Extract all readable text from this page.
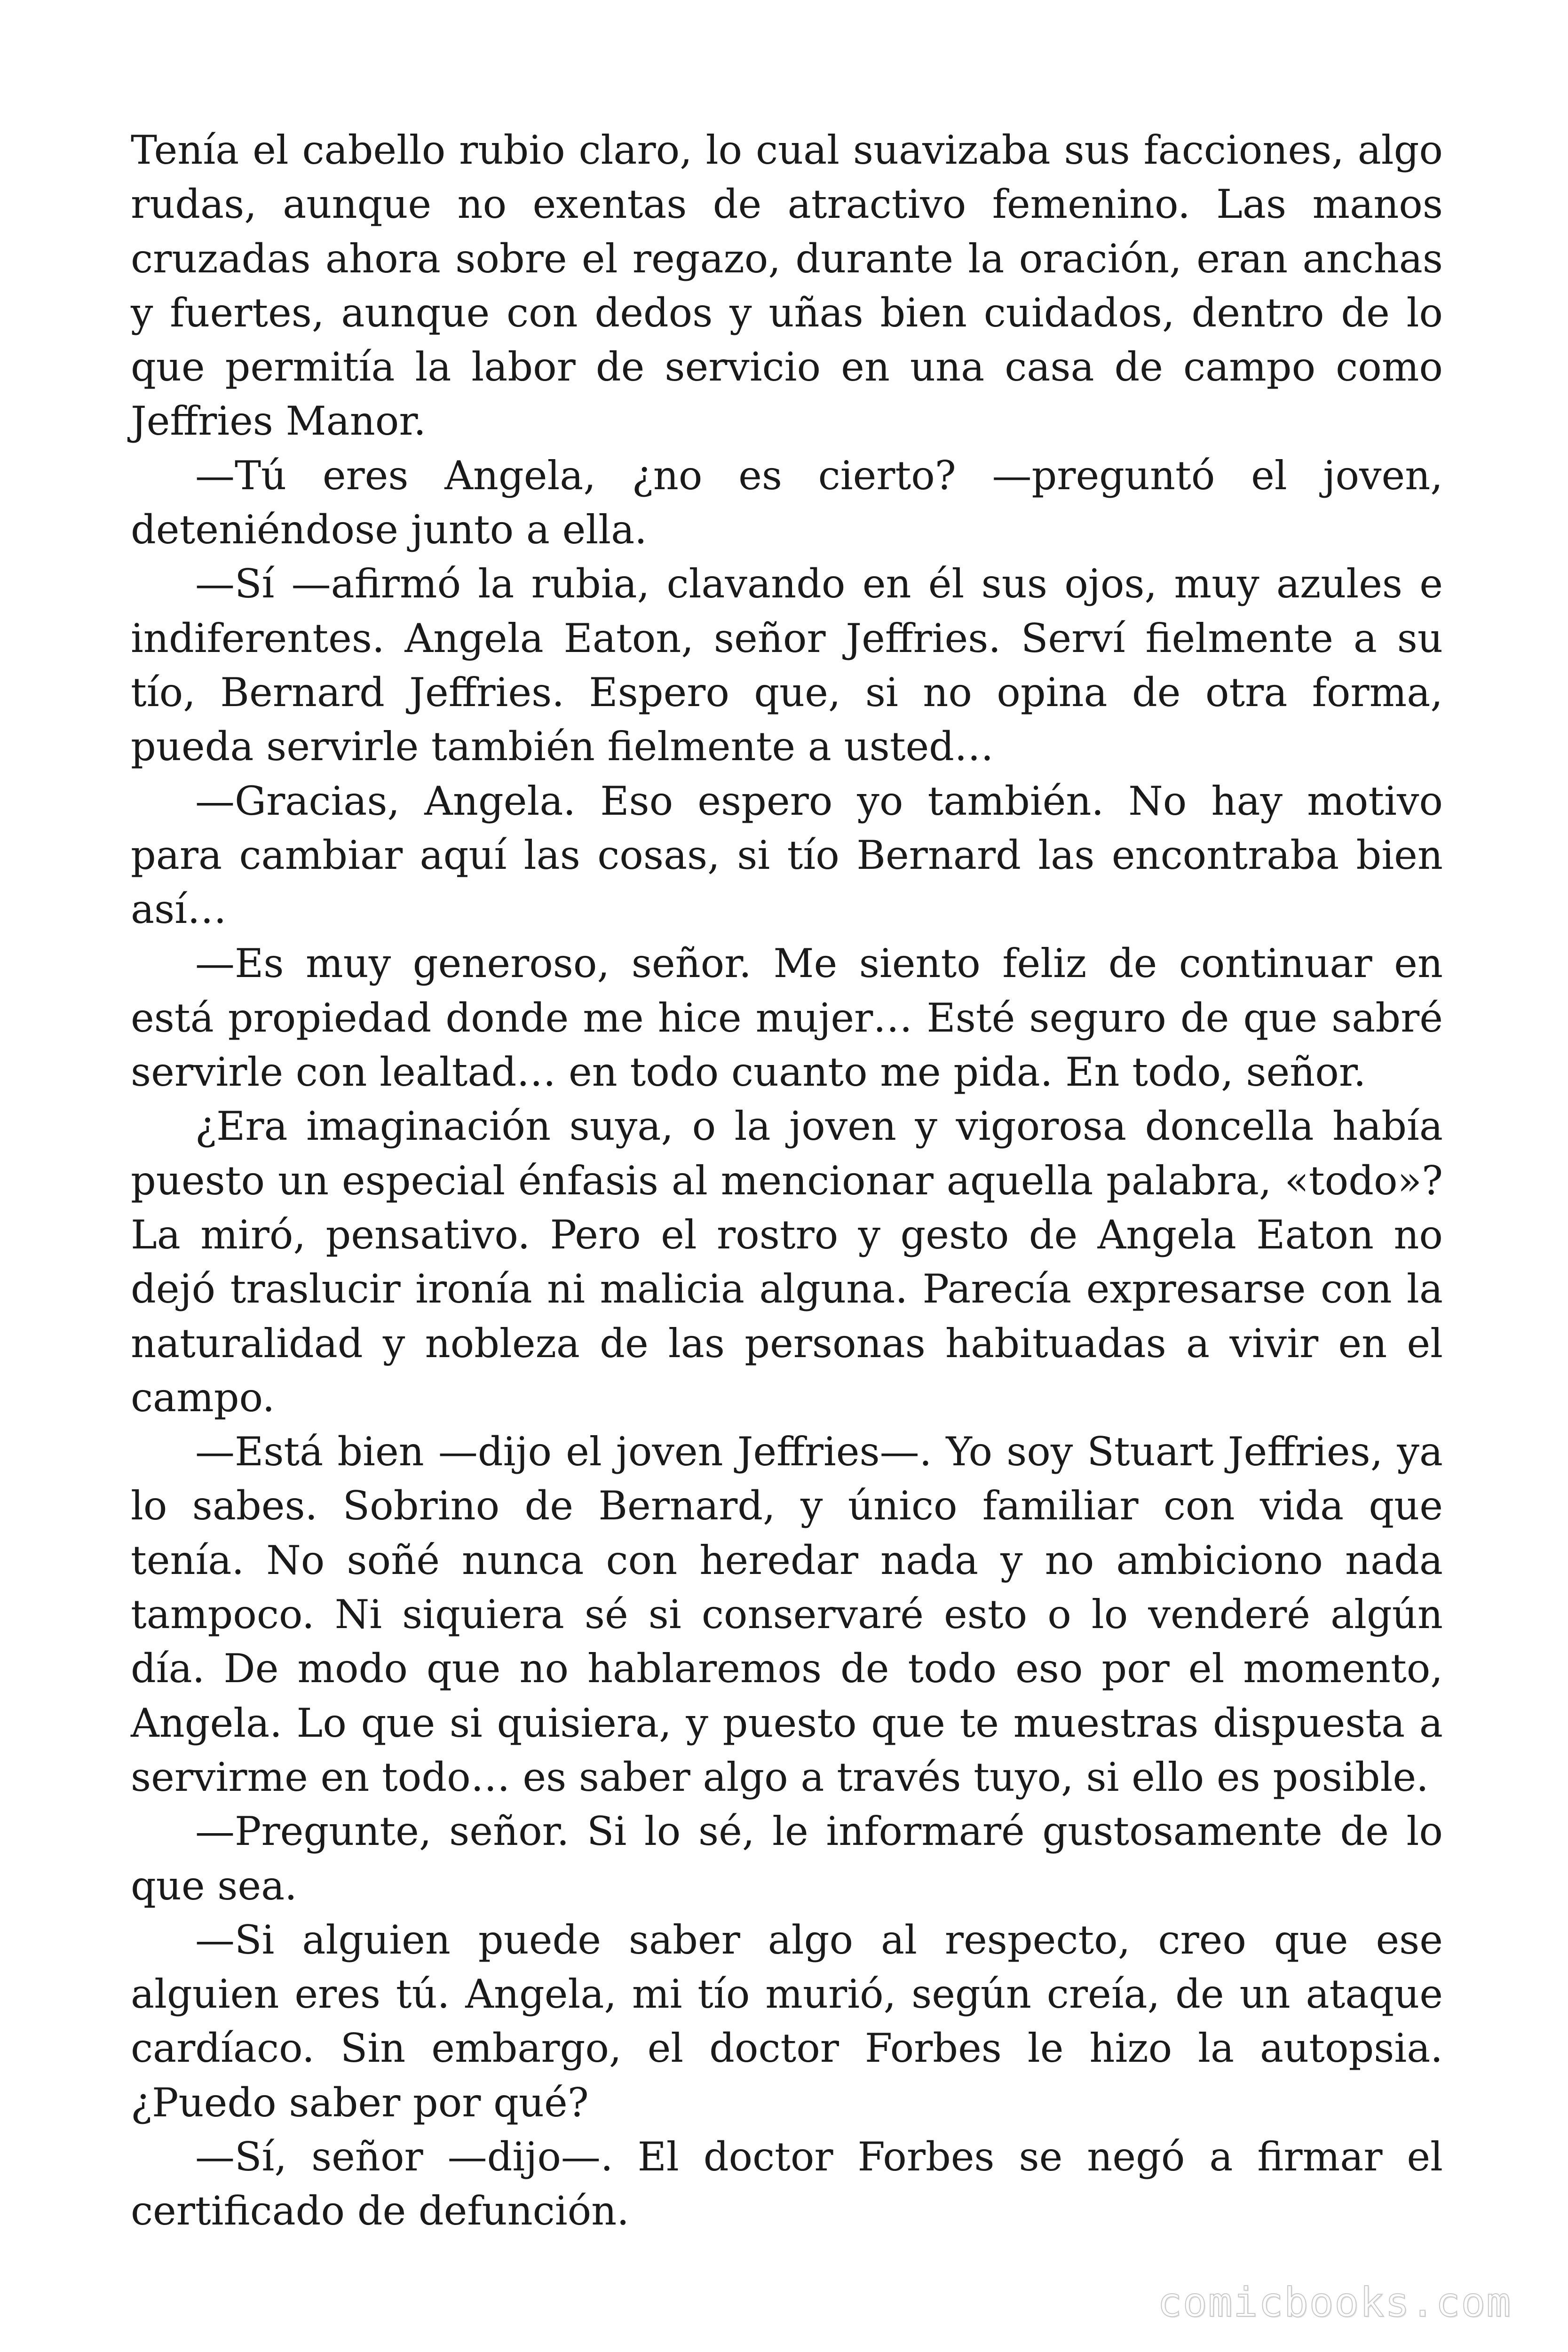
Tenía el cabello rubio claro, lo cual suavizaba sus facciones, algo rudas, aunque no exentas de atractivo femenino. Las manos cruzadas ahora sobre el regazo, durante la oración, eran anchas y fuertes, aunque con dedos y uñas bien cuidados, dentro de lo que permitía la labor de servicio en una casa de campo como Jeffries Manor.

—Tú eres Angela, ¿no es cierto? —preguntó el joven, deteniéndose junto a ella.

—Sí —afirmó la rubia, clavando en él sus ojos, muy azules e indiferentes. Angela Eaton, señor Jeffries. Serví fielmente a su tío, Bernard Jeffries. Espero que, si no opina de otra forma, pueda servirle también fielmente a usted…

—Gracias, Angela. Eso espero yo también. No hay motivo para cambiar aquí las cosas, si tío Bernard las encontraba bien así…

—Es muy generoso, señor. Me siento feliz de continuar en está propiedad donde me hice mujer… Esté seguro de que sabré servirle con lealtad… en todo cuanto me pida. En todo, señor.

¿Era imaginación suya, o la joven y vigorosa doncella había puesto un especial énfasis al mencionar aquella palabra, «todo»? La miró, pensativo. Pero el rostro y gesto de Angela Eaton no dejó traslucir ironía ni malicia alguna. Parecía expresarse con la naturalidad y nobleza de las personas habituadas a vivir en el campo.

—Está bien —dijo el joven Jeffries—. Yo soy Stuart Jeffries, ya lo sabes. Sobrino de Bernard, y único familiar con vida que tenía. No soñé nunca con heredar nada y no ambiciono nada tampoco. Ni siquiera sé si conservaré esto o lo venderé algún día. De modo que no hablaremos de todo eso por el momento, Angela. Lo que si quisiera, y puesto que te muestras dispuesta a servirme en todo… es saber algo a través tuyo, si ello es posible.

—Pregunte, señor. Si lo sé, le informaré gustosamente de lo que sea.

—Si alguien puede saber algo al respecto, creo que ese alguien eres tú. Angela, mi tío murió, según creía, de un ataque cardíaco. Sin embargo, el doctor Forbes le hizo la autopsia. ¿Puedo saber por qué?

—Sí, señor —dijo—. El doctor Forbes se negó a firmar el certificado de defunción.

comicbooks.com
